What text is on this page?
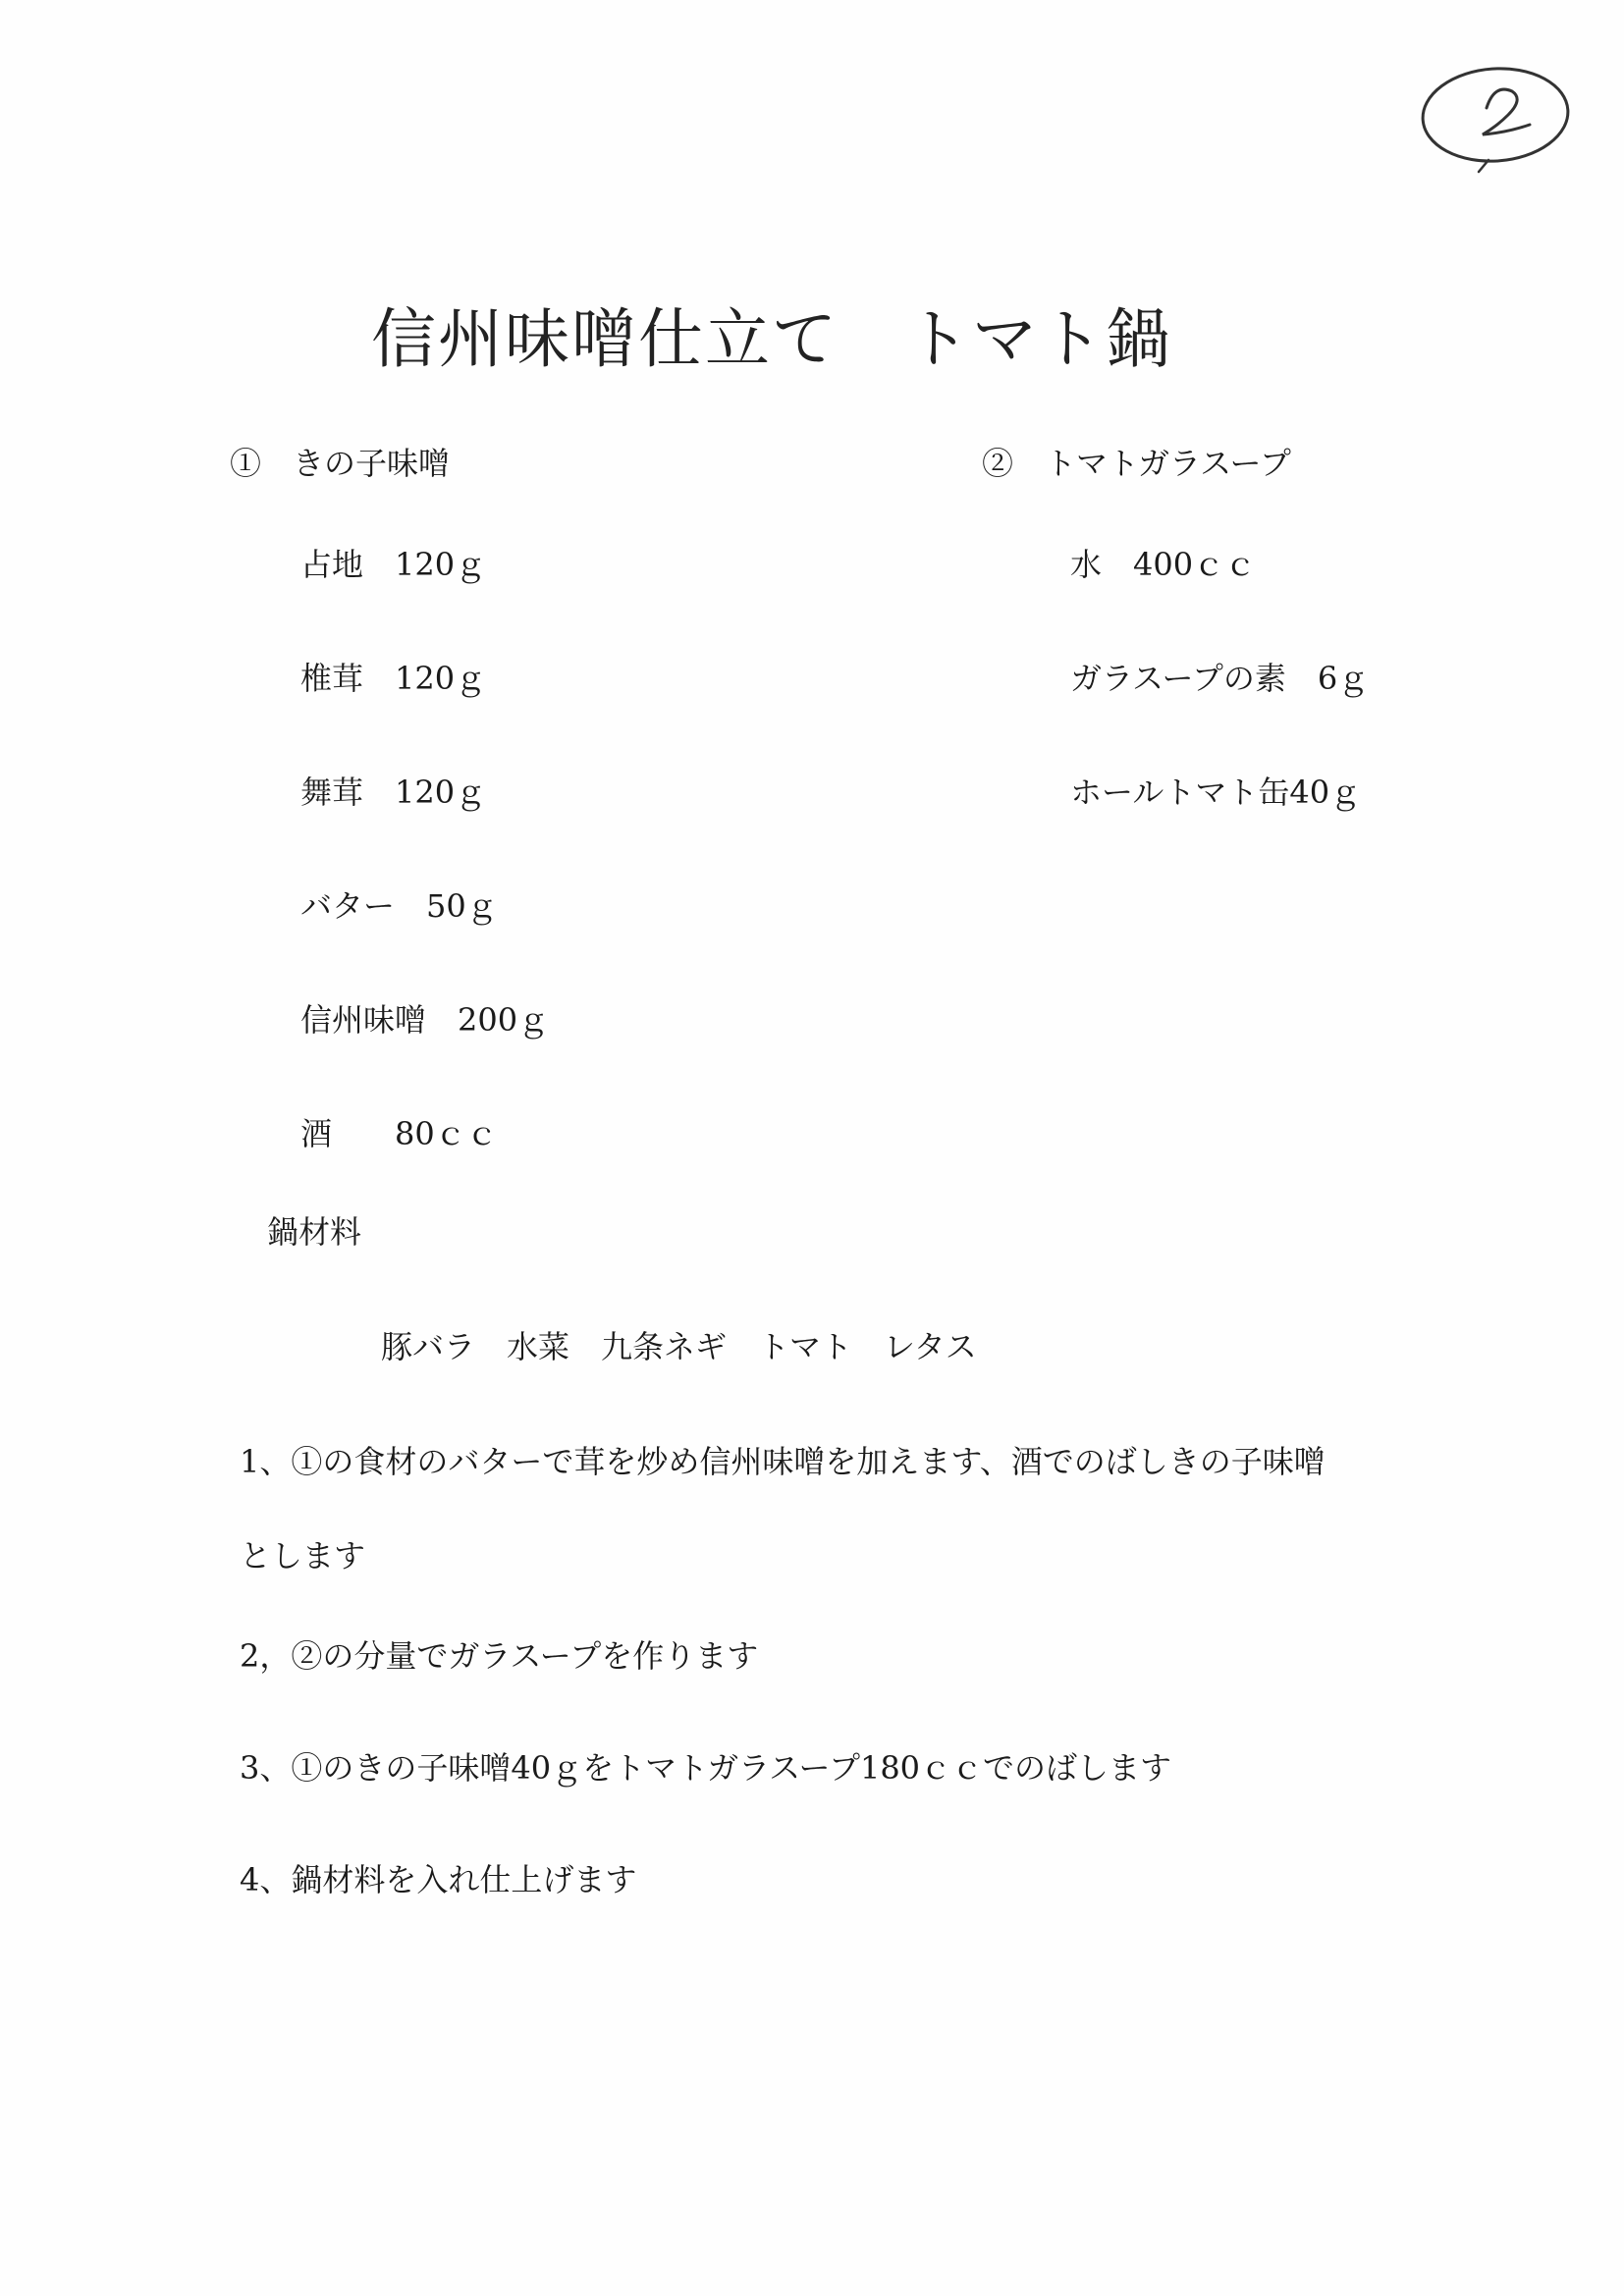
2
信州味噌仕立て　トマト鍋
①　きの子味噌	②　トマトガラスープ
占地　120ｇ
椎茸　120ｇ
舞茸　120ｇ
バター　50ｇ
信州味噌　200ｇ
酒　　80ｃｃ
水　400ｃｃ
ガラスープの素　6ｇ
ホールトマト缶40ｇ
鍋材料
豚バラ　水菜　九条ネギ　トマト　レタス
1、①の食材のバターで茸を炒め信州味噌を加えます、酒でのばしきの子味噌
とします
2，②の分量でガラスープを作ります
3、①のきの子味噌40ｇをトマトガラスープ180ｃｃでのばします
4、鍋材料を入れ仕上げます
